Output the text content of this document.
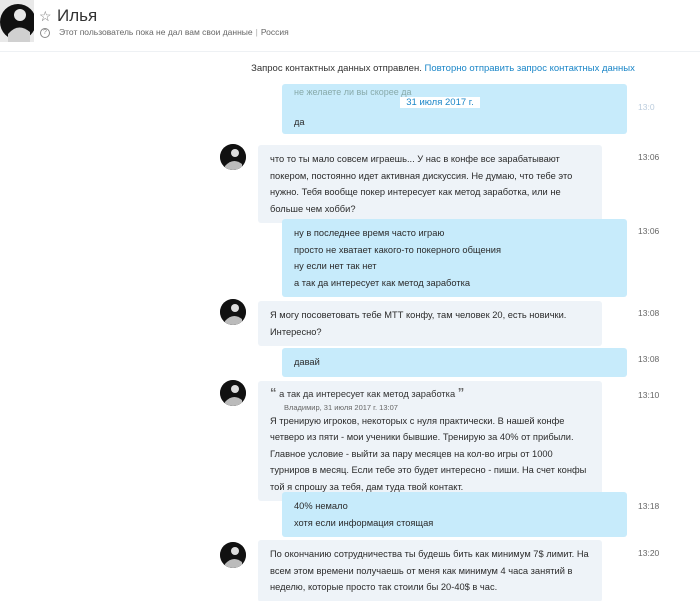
☆ Илья
?	Этот пользователь пока не дал вам свои данные | Россия
Запрос контактных данных отправлен. Повторно отправить запрос контактных данных
31 июля 2017 г.
не желаете ли вы скорее да
да
13:0
что то ты мало совсем играешь... У нас в конфе все зарабатывают
покером, постоянно идет активная дискуссия. Не думаю, что тебе это
нужно. Тебя вообще покер интересует как метод заработка, или не
больше чем хобби?
13:06
ну в последнее время часто играю
просто не хватает какого-то покерного общения
ну если нет так нет
а так да интересует как метод заработка
13:06
Я могу посоветовать тебе МТТ конфу, там человек 20, есть новички.
Интересно?
13:08
давай	13:08
“ а так да интересует как метод заработка ”
Владимир, 31 июля 2017 г. 13:07
Я тренирую игроков, некоторых с нуля практически. В нашей конфе
четверо из пяти - мои ученики бывшие. Тренирую за 40% от прибыли.
Главное условие - выйти за пару месяцев на кол-во игры от 1000
турниров в месяц. Если тебе это будет интересно - пиши. На счет конфы
той я спрошу за тебя, дам туда твой контакт.
13:10
40% немало
хотя если информация стоящая
13:18
По окончанию сотрудничества ты будешь бить как минимум 7$ лимит. На
всем этом времени получаешь от меня как минимум 4 часа занятий в
неделю, которые просто так стоили бы 20-40$ в час.
13:20
